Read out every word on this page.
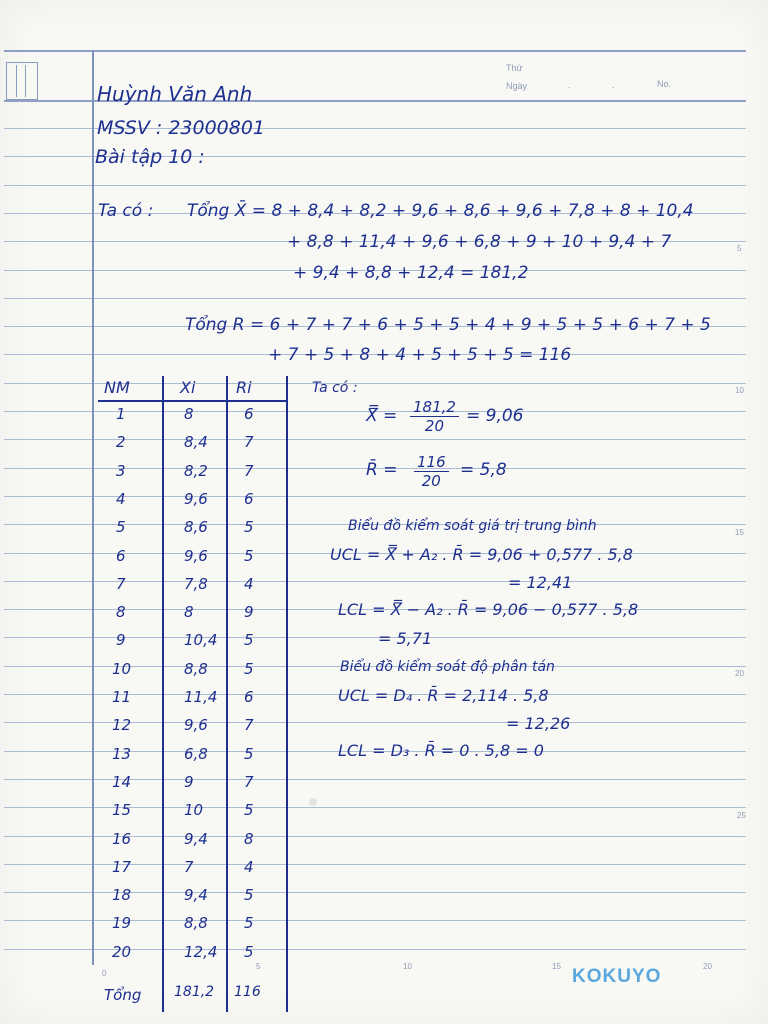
Thứ
Ngày	.	.	No.
5
10
15
20
25
0
5	10	15	20
KOKUYO
Huỳnh Văn Anh
MSSV : 23000801
Bài tập 10 :
Ta có : Tổng X̄ = 8 + 8,4 + 8,2 + 9,6 + 8,6 + 9,6 + 7,8 + 8 + 10,4
+ 8,8 + 11,4 + 9,6 + 6,8 + 9 + 10 + 9,4 + 7
+ 9,4 + 8,8 + 12,4 = 181,2
Tổng R = 6 + 7 + 7 + 6 + 5 + 5 + 4 + 9 + 5 + 5 + 6 + 7 + 5
+ 7 + 5 + 8 + 4 + 5 + 5 + 5 = 116
NM	Xi	Ri
1	8	6
2	8,4 7
3	8,2 7
4	9,6 6
5	8,6 5
6	9,6 5
7	7,8 4
8	8	9
9	10,4 5
10	8,8 5
11	11,4 6
12	9,6 7
13	6,8 5
14	9	7
15	10	5
16	9,4 8
17	7	4
18	9,4 5
19	8,8 5
20	12,4 5
Tổng 181,2 116
Ta có :
X̿ = $\frac{181,2}{20} = 9,06$
R̄ = $\frac{116}{20} = 5,8$
Biểu đồ kiểm soát giá trị trung bình
UCL = X̿ + A₂ . R̄ = 9,06 + 0,577 . 5,8
= 12,41
LCL = X̿ − A₂ . R̄ = 9,06 − 0,577 . 5,8
= 5,71
Biểu đồ kiểm soát độ phân tán
UCL = D₄ . R̄ = 2,114 . 5,8
= 12,26
LCL = D₃ . R̄ = 0 . 5,8 = 0
